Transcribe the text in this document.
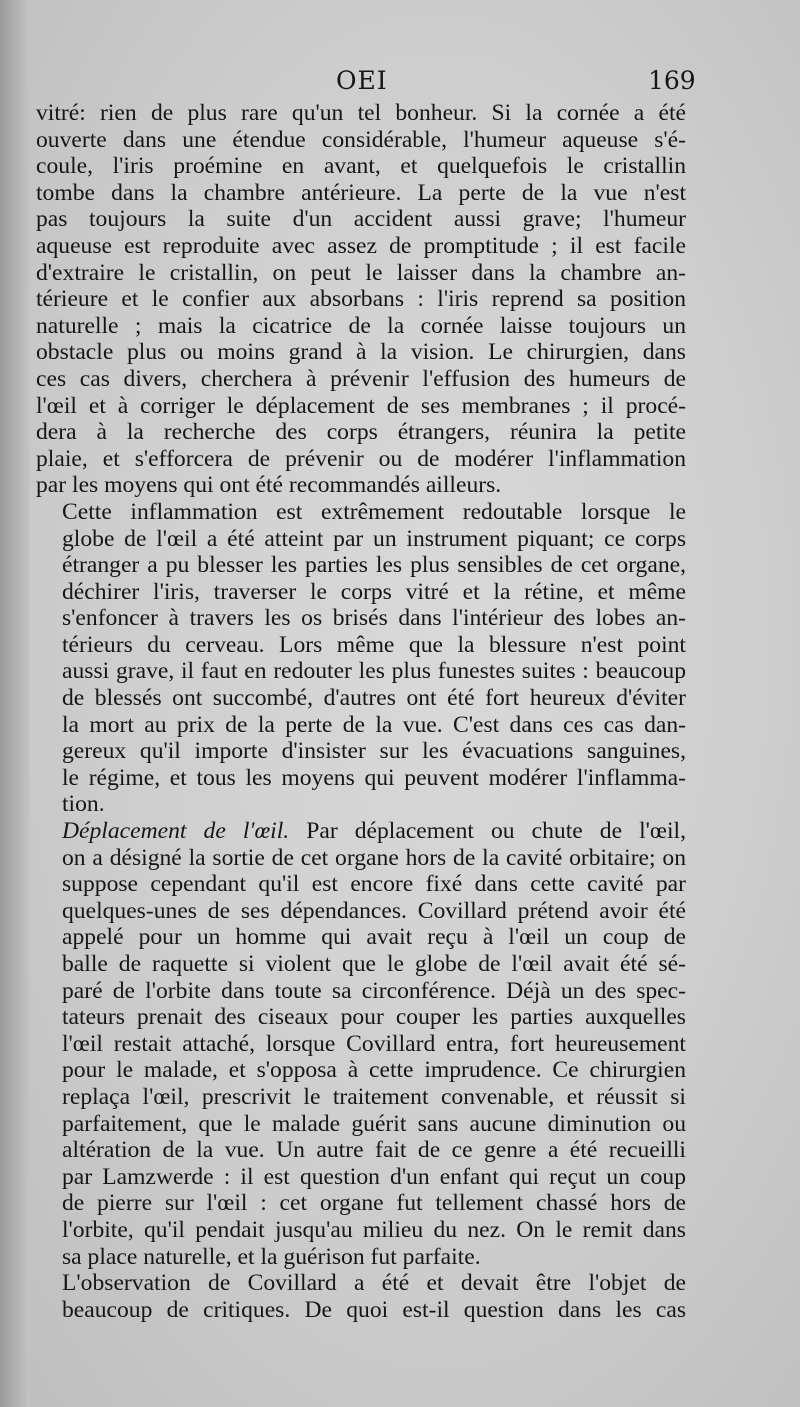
OEI	169
vitré: rien de plus rare qu'un tel bonheur. Si la cornée a été
ouverte dans une étendue considérable, l'humeur aqueuse s'é-
coule, l'iris proémine en avant, et quelquefois le cristallin
tombe dans la chambre antérieure. La perte de la vue n'est
pas toujours la suite d'un accident aussi grave; l'humeur
aqueuse est reproduite avec assez de promptitude ; il est facile
d'extraire le cristallin, on peut le laisser dans la chambre an-
térieure et le confier aux absorbans : l'iris reprend sa position
naturelle ; mais la cicatrice de la cornée laisse toujours un
obstacle plus ou moins grand à la vision. Le chirurgien, dans
ces cas divers, cherchera à prévenir l'effusion des humeurs de
l'œil et à corriger le déplacement de ses membranes ; il procé-
dera à la recherche des corps étrangers, réunira la petite
plaie, et s'efforcera de prévenir ou de modérer l'inflammation
par les moyens qui ont été recommandés ailleurs.
Cette inflammation est extrêmement redoutable lorsque le
globe de l'œil a été atteint par un instrument piquant; ce corps
étranger a pu blesser les parties les plus sensibles de cet organe,
déchirer l'iris, traverser le corps vitré et la rétine, et même
s'enfoncer à travers les os brisés dans l'intérieur des lobes an-
térieurs du cerveau. Lors même que la blessure n'est point
aussi grave, il faut en redouter les plus funestes suites : beaucoup
de blessés ont succombé, d'autres ont été fort heureux d'éviter
la mort au prix de la perte de la vue. C'est dans ces cas dan-
gereux qu'il importe d'insister sur les évacuations sanguines,
le régime, et tous les moyens qui peuvent modérer l'inflamma-
tion.
Déplacement de l'œil. Par déplacement ou chute de l'œil,
on a désigné la sortie de cet organe hors de la cavité orbitaire; on
suppose cependant qu'il est encore fixé dans cette cavité par
quelques-unes de ses dépendances. Covillard prétend avoir été
appelé pour un homme qui avait reçu à l'œil un coup de
balle de raquette si violent que le globe de l'œil avait été sé-
paré de l'orbite dans toute sa circonférence. Déjà un des spec-
tateurs prenait des ciseaux pour couper les parties auxquelles
l'œil restait attaché, lorsque Covillard entra, fort heureusement
pour le malade, et s'opposa à cette imprudence. Ce chirurgien
replaça l'œil, prescrivit le traitement convenable, et réussit si
parfaitement, que le malade guérit sans aucune diminution ou
altération de la vue. Un autre fait de ce genre a été recueilli
par Lamzwerde : il est question d'un enfant qui reçut un coup
de pierre sur l'œil : cet organe fut tellement chassé hors de
l'orbite, qu'il pendait jusqu'au milieu du nez. On le remit dans
sa place naturelle, et la guérison fut parfaite.
L'observation de Covillard a été et devait être l'objet de
beaucoup de critiques. De quoi est-il question dans les cas
